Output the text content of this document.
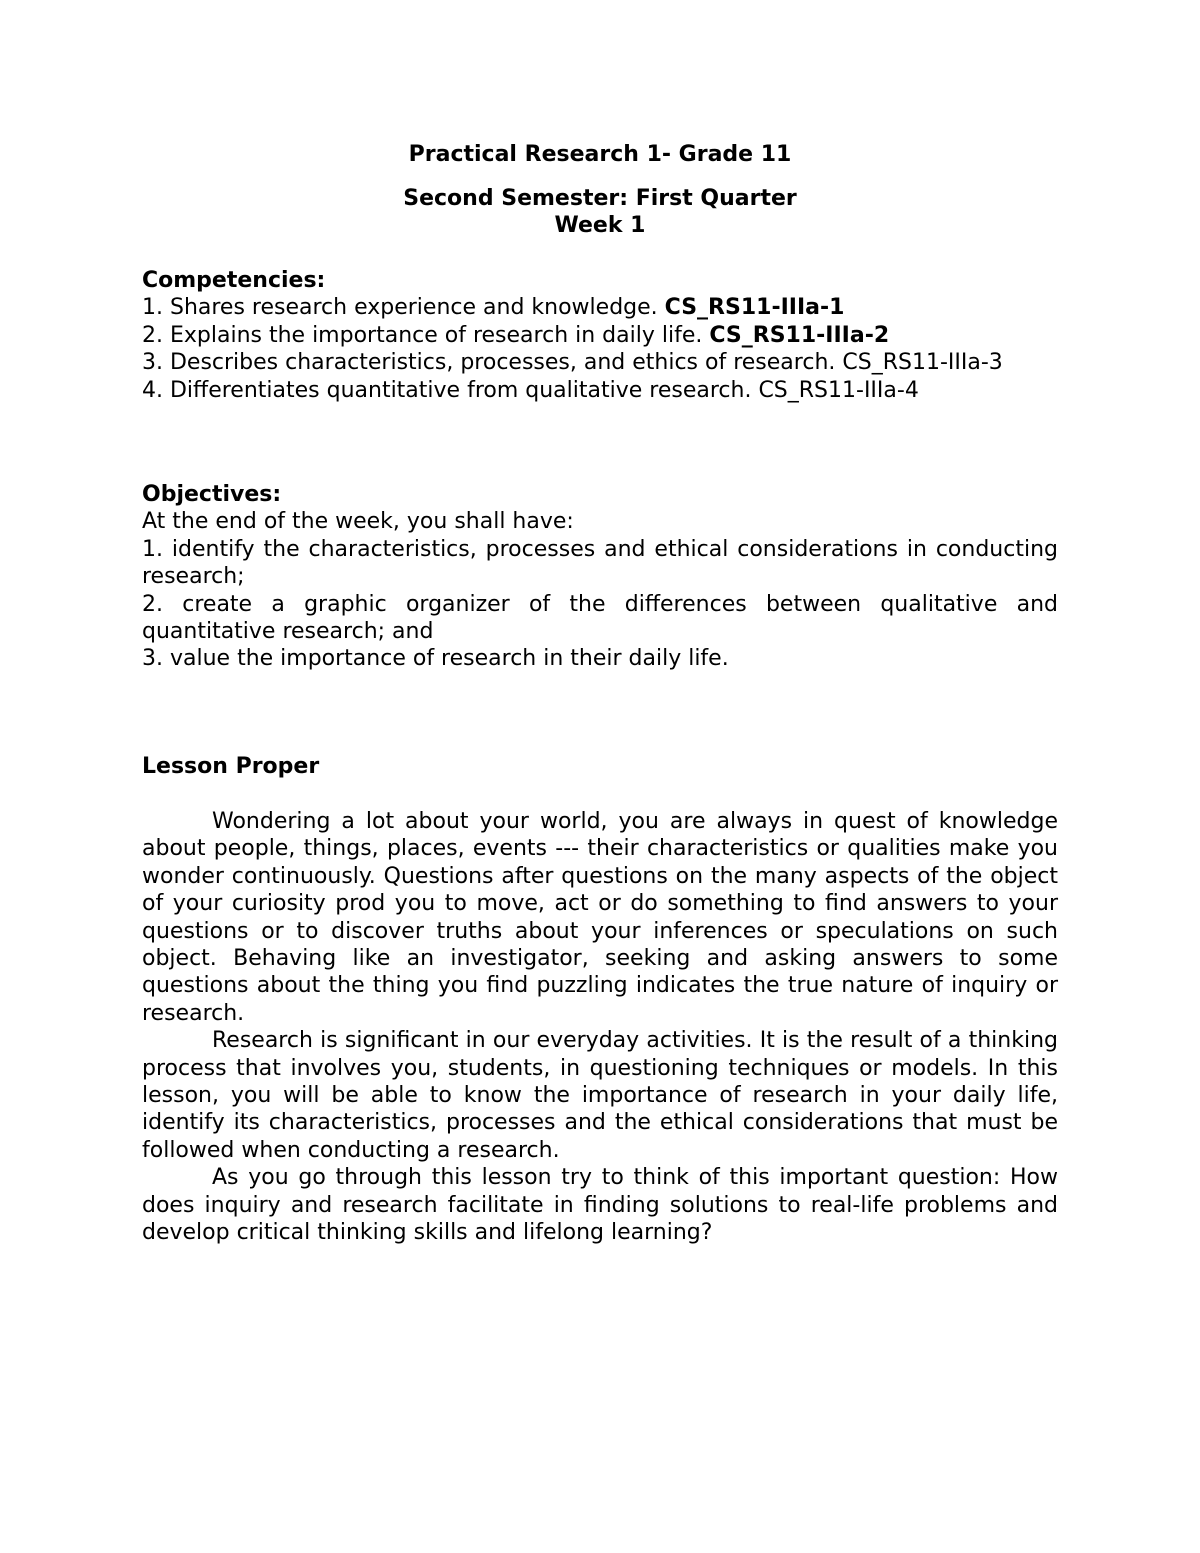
Practical Research 1- Grade 11

Second Semester: First Quarter

Week 1

Competencies:

1. Shares research experience and knowledge. CS_RS11-IIIa-1

2. Explains the importance of research in daily life. CS_RS11-IIIa-2

3. Describes characteristics, processes, and ethics of research. CS_RS11-IIIa-3

4. Differentiates quantitative from qualitative research. CS_RS11-IIIa-4

Objectives:

At the end of the week, you shall have:

1. identify the characteristics, processes and ethical considerations in conducting research;

2. create a graphic organizer of the differences between qualitative and quantitative research; and

3. value the importance of research in their daily life.

Lesson Proper

Wondering a lot about your world, you are always in quest of knowledge about people, things, places, events --- their characteristics or qualities make you wonder continuously. Questions after questions on the many aspects of the object of your curiosity prod you to move, act or do something to find answers to your questions or to discover truths about your inferences or speculations on such object. Behaving like an investigator, seeking and asking answers to some questions about the thing you find puzzling indicates the true nature of inquiry or research.

Research is significant in our everyday activities. It is the result of a thinking process that involves you, students, in questioning techniques or models. In this lesson, you will be able to know the importance of research in your daily life, identify its characteristics, processes and the ethical considerations that must be followed when conducting a research.

As you go through this lesson try to think of this important question: How does inquiry and research facilitate in finding solutions to real-life problems and develop critical thinking skills and lifelong learning?
